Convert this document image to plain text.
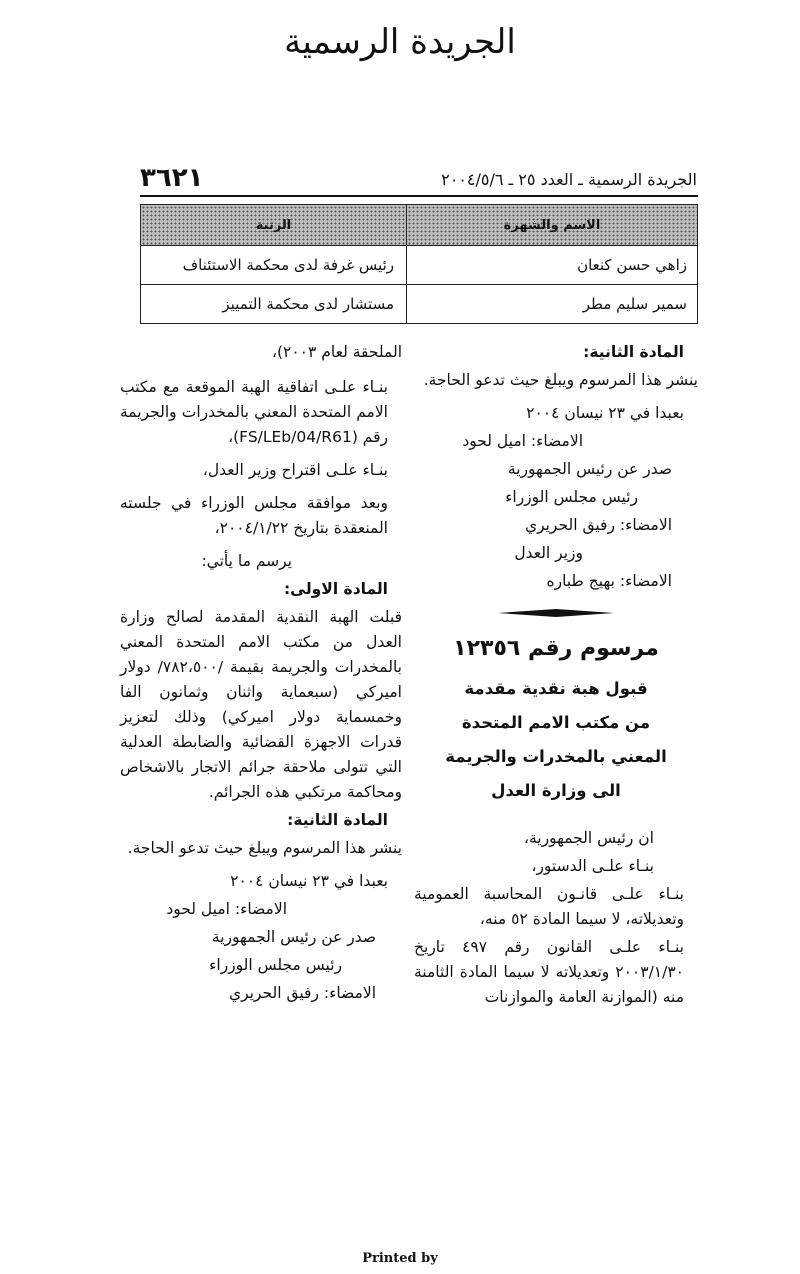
الجريدة الرسمية
الجريدة الرسمية ـ العدد ٢٥ ـ ٢٠٠٤/٥/٦
٣٦٢١
الاسم والشهرة	الرتبة
زاهي حسن كنعان	رئيس غرفة لدى محكمة الاستئناف
سمير سليم مطر	مستشار لدى محكمة التمييز
المادة الثانية:
ينشر هذا المرسوم ويبلغ حيث تدعو الحاجة.
بعبدا في ٢٣ نيسان ٢٠٠٤
الامضاء: اميل لحود
صدر عن رئيس الجمهورية
رئيس مجلس الوزراء
الامضاء: رفيق الحريري
وزير العدل
الامضاء: بهيج طباره
مرسوم رقم ١٢٣٥٦
قبول هبة نقدية مقدمة
من مكتب الامم المتحدة
المعني بالمخدرات والجريمة
الى وزارة العدل
ان رئيس الجمهورية،
بنـاء علـى الدستور،
بنـاء علـى قانـون المحاسبة العمومية وتعديلاته، لا سيما المادة ٥٢ منه،
بنـاء علـى القانون رقم ٤٩٧ تاريخ ٢٠٠٣/١/٣٠ وتعديلاته لا سيما المادة الثامنة منه (الموازنة العامة والموازنات
الملحقة لعام ٢٠٠٣)،
بنـاء علـى اتفاقية الهبة الموقعة مع مكتب الامم المتحدة المعني بالمخدرات والجريمة رقم (FS/LEb/04/R61)،
بنـاء علـى اقتراح وزير العدل،
وبعد موافقة مجلس الوزراء في جلسته المنعقدة بتاريخ ٢٠٠٤/١/٢٢،
يرسم ما يأتي:
المادة الاولى:
قبلت الهبة النقدية المقدمة لصالح وزارة العدل من مكتب الامم المتحدة المعني بالمخدرات والجريمة بقيمة /٧٨٢،٥٠٠/ دولار اميركي (سبعماية واثنان وثمانون الفا وخمسماية دولار اميركي) وذلك لتعزيز قدرات الاجهزة القضائية والضابطة العدلية التي تتولى ملاحقة جرائم الاتجار بالاشخاص ومحاكمة مرتكبي هذه الجرائم.
المادة الثانية:
ينشر هذا المرسوم ويبلغ حيث تدعو الحاجة.
بعبدا في ٢٣ نيسان ٢٠٠٤
الامضاء: اميل لحود
صدر عن رئيس الجمهورية
رئيس مجلس الوزراء
الامضاء: رفيق الحريري
Printed by
